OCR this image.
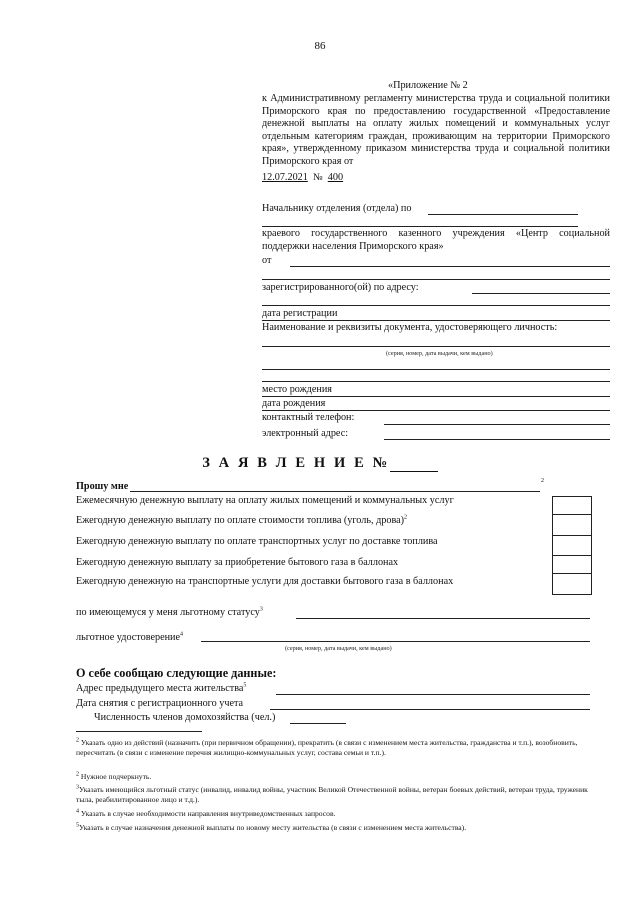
86
«Приложение № 2
к Административному регламенту министерства труда и социальной политики Приморского края по предоставлению государственной «Предоставление денежной выплаты на оплату жилых помещений и коммунальных услуг отдельным категориям граждан, проживающим на территории Приморского края», утвержденному приказом министерства труда и социальной политики Приморского края от
12.07.2021 № 400
Начальнику отделения (отдела) по
краевого государственного казенного учреждения «Центр социальной поддержки населения Приморского края»
от
зарегистрированного(ой) по адресу:
дата регистрации
Наименование и реквизиты документа, удостоверяющего личность:
(серия, номер, дата выдачи, кем выдано)
место рождения
дата рождения
контактный телефон:
электронный адрес:
З А Я В Л Е Н И Е №
Прошу мне	2
Ежемесячную денежную выплату на оплату жилых помещений и коммунальных услуг
Ежегодную денежную выплату по оплате стоимости топлива (уголь, дрова)$^2$
Ежегодную денежную выплату по оплате транспортных услуг по доставке топлива
Ежегодную денежную выплату за приобретение бытового газа в баллонах
Ежегодную денежную на транспортные услуги для доставки бытового газа в баллонах
по имеющемуся у меня льготному статусу$^3$
льготное удостоверение$^4$
(серия, номер, дата выдачи, кем выдано)
О себе сообщаю следующие данные:
Адрес предыдущего места жительства$^5$
Дата снятия с регистрационного учета
Численность членов домохозяйства (чел.)
$^2$ Указать одно из действий (назначить (при первичном обращении), прекратить (в связи с изменением места жительства, гражданства и т.п.), возобновить, пересчитать (в связи с изменение перечня жилищно-коммунальных услуг, состава семьи и т.п.).
$^2$ Нужное подчеркнуть.
$^3$Указать имеющийся льготный статус (инвалид, инвалид войны, участник Великой Отечественной войны, ветеран боевых действий, ветеран труда, труженик тыла, реабилитированное лицо и т.д.).
$^4$ Указать в случае необходимости направления внутриведомственных запросов.
$^5$Указать в случае назначения денежной выплаты по новому месту жительства (в связи с изменением места жительства).
